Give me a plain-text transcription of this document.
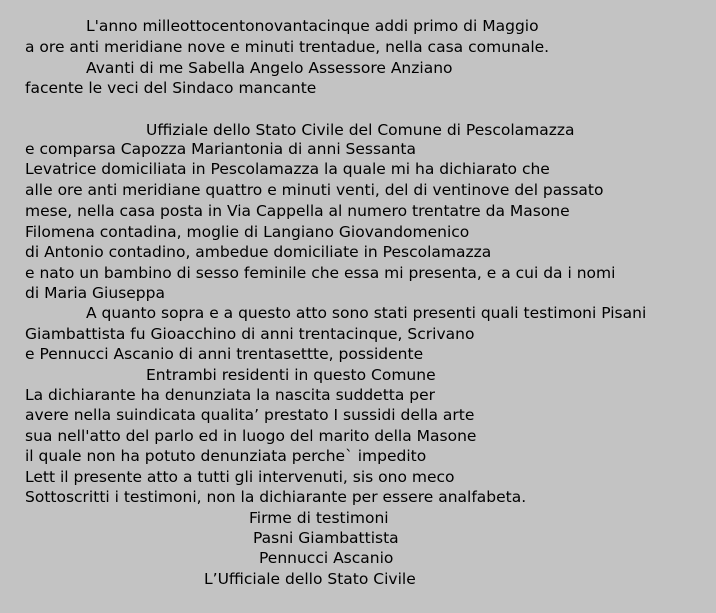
L'anno milleottocentonovantacinque addi primo di Maggio
a ore anti meridiane nove e minuti trentadue, nella casa comunale.
Avanti di me Sabella Angelo Assessore Anziano
facente le veci del Sindaco mancante
Uffiziale dello Stato Civile del Comune di Pescolamazza
e comparsa Capozza Mariantonia di anni Sessanta
Levatrice domiciliata in Pescolamazza la quale mi ha dichiarato che
alle ore anti meridiane quattro e minuti venti, del di ventinove del passato
mese, nella casa posta in Via Cappella al numero trentatre da Masone
Filomena contadina, moglie di Langiano Giovandomenico
di Antonio contadino, ambedue domiciliate in Pescolamazza
e nato un bambino di sesso feminile che essa mi presenta, e a cui da i nomi
di Maria Giuseppa
A quanto sopra e a questo atto sono stati presenti quali testimoni Pisani
Giambattista fu Gioacchino di anni trentacinque, Scrivano
e Pennucci Ascanio di anni trentasettte, possidente
Entrambi residenti in questo Comune
La dichiarante ha denunziata la nascita suddetta per
avere nella suindicata qualita’ prestato I sussidi della arte
sua nell'atto del parlo ed in luogo del marito della Masone
il quale non ha potuto denunziata perche` impedito
Lett il presente atto a tutti gli intervenuti, sis ono meco
Sottoscritti i testimoni, non la dichiarante per essere analfabeta.
Firme di testimoni
Pasni Giambattista
Pennucci Ascanio
L’Ufficiale dello Stato Civile
